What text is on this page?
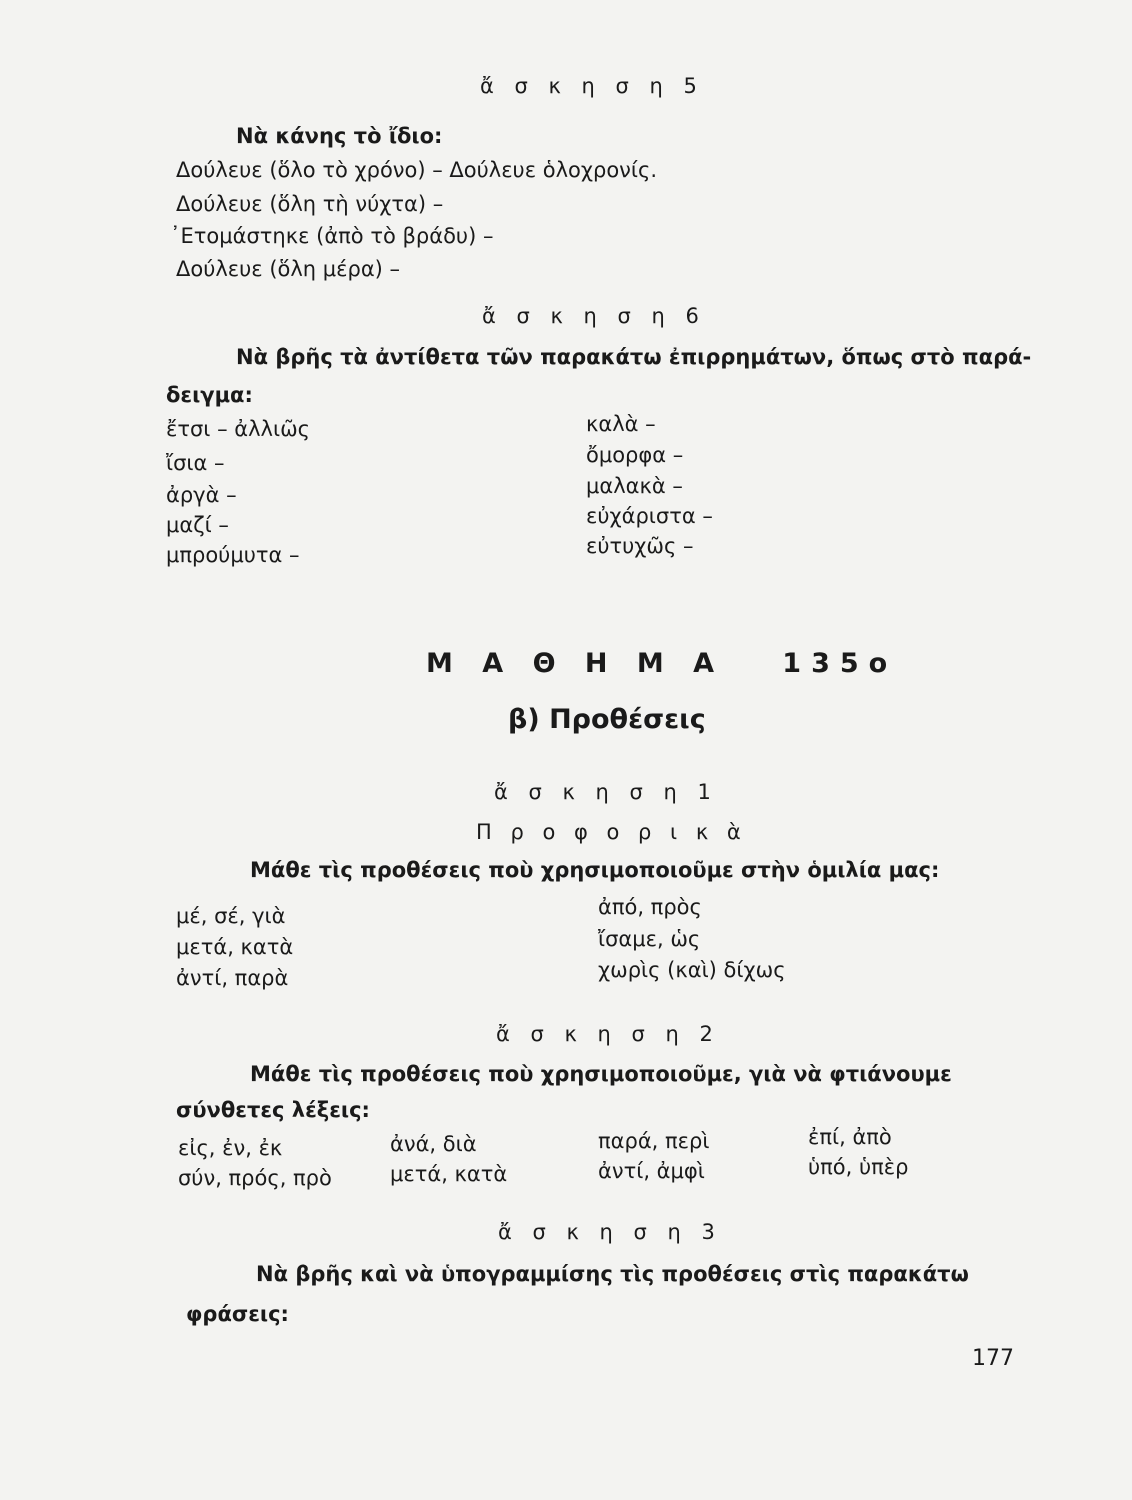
ἄ σ κ η σ η 5
Νὰ κάνης τὸ ἴδιο:
Δούλευε (ὅλο τὸ χρόνο) – Δούλευε ὁλοχρονίς.
Δούλευε (ὅλη τὴ νύχτα) –
᾿Ετομάστηκε (ἀπὸ τὸ βράδυ) –
Δούλευε (ὅλη μέρα) –
ἄ σ κ η σ η 6
Νὰ βρῆς τὰ ἀντίθετα τῶν παρακάτω ἐπιρρημάτων, ὅπως στὸ παρά-
δειγμα:
ἔτσι – ἀλλιῶς
ἴσια –
ἀργὰ –
μαζί –
μπρούμυτα –
καλὰ –
ὄμορφα –
μαλακὰ –
εὐχάριστα –
εὐτυχῶς –
Μ Α Θ Η Μ Α   135ο
β) Προθέσεις
ἄ σ κ η σ η 1
Π ρ ο φ ο ρ ι κ ὰ
Μάθε τὶς προθέσεις ποὺ χρησιμοποιοῦμε στὴν ὁμιλία μας:
μέ, σέ, γιὰ
μετά, κατὰ
ἀντί, παρὰ
ἀπό, πρὸς
ἴσαμε, ὡς
χωρὶς (καὶ) δίχως
ἄ σ κ η σ η 2
Μάθε τὶς προθέσεις ποὺ χρησιμοποιοῦμε, γιὰ νὰ φτιάνουμε
σύνθετες λέξεις:
εἰς, ἐν, ἐκ
σύν, πρός, πρὸ
ἀνά, διὰ
μετά, κατὰ
παρά, περὶ
ἀντί, ἀμφὶ
ἐπί, ἀπὸ
ὑπό, ὑπὲρ
ἄ σ κ η σ η 3
Νὰ βρῆς καὶ νὰ ὑπογραμμίσης τὶς προθέσεις στὶς παρακάτω
φράσεις:
177
